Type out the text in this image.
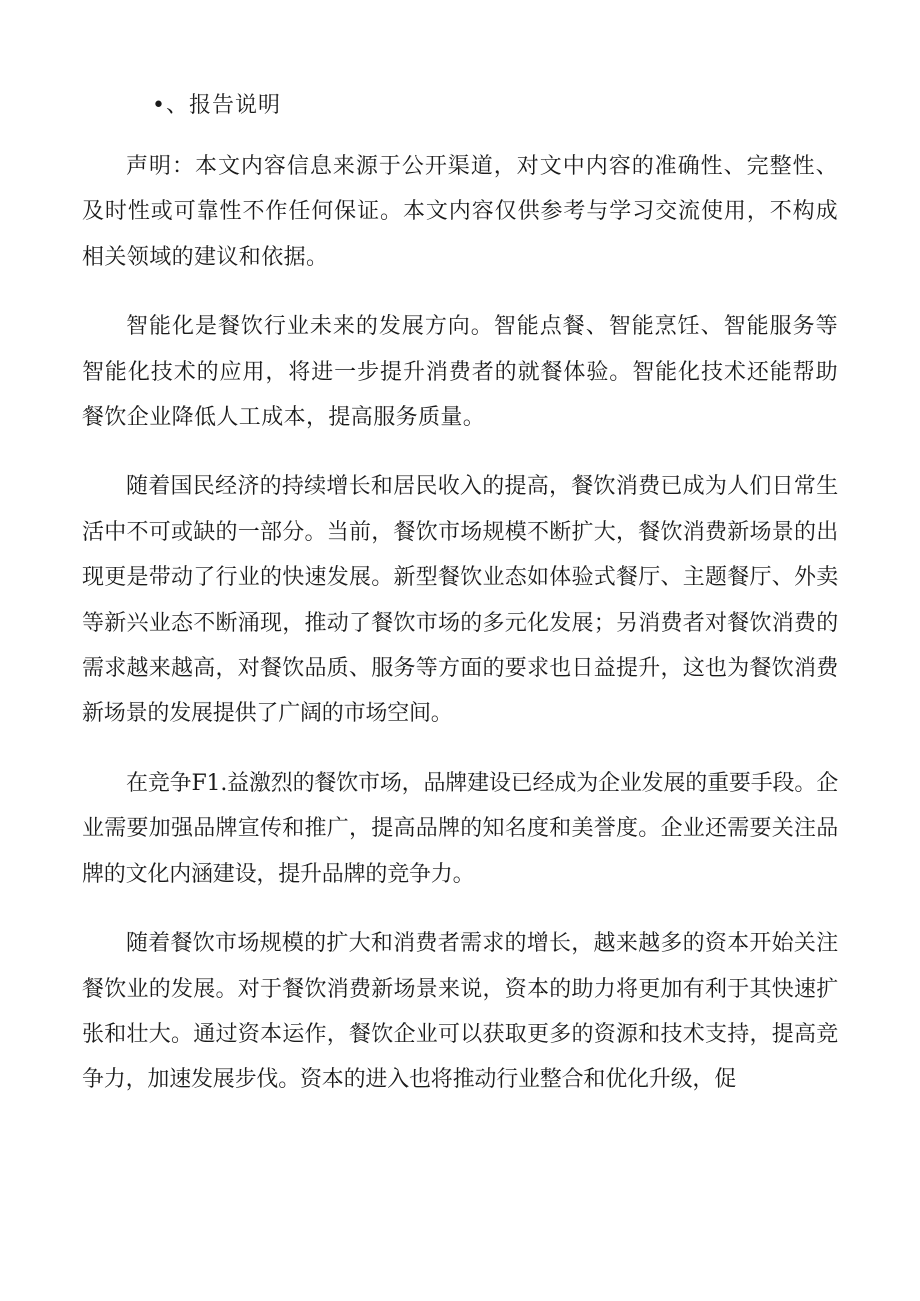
•、报告说明

声明：本文内容信息来源于公开渠道，对文中内容的准确性、完整性、及时性或可靠性不作任何保证。本文内容仅供参考与学习交流使用，不构成相关领域的建议和依据。

智能化是餐饮行业未来的发展方向。智能点餐、智能烹饪、智能服务等智能化技术的应用，将进一步提升消费者的就餐体验。智能化技术还能帮助餐饮企业降低人工成本，提高服务质量。

随着国民经济的持续增长和居民收入的提高，餐饮消费已成为人们日常生活中不可或缺的一部分。当前，餐饮市场规模不断扩大，餐饮消费新场景的出现更是带动了行业的快速发展。新型餐饮业态如体验式餐厅、主题餐厅、外卖等新兴业态不断涌现，推动了餐饮市场的多元化发展；另消费者对餐饮消费的需求越来越高，对餐饮品质、服务等方面的要求也日益提升，这也为餐饮消费新场景的发展提供了广阔的市场空间。

在竞争F1.益激烈的餐饮市场，品牌建设已经成为企业发展的重要手段。企业需要加强品牌宣传和推广，提高品牌的知名度和美誉度。企业还需要关注品牌的文化内涵建设，提升品牌的竞争力。

随着餐饮市场规模的扩大和消费者需求的增长，越来越多的资本开始关注餐饮业的发展。对于餐饮消费新场景来说，资本的助力将更加有利于其快速扩张和壮大。通过资本运作，餐饮企业可以获取更多的资源和技术支持，提高竞争力，加速发展步伐。资本的进入也将推动行业整合和优化升级，促
